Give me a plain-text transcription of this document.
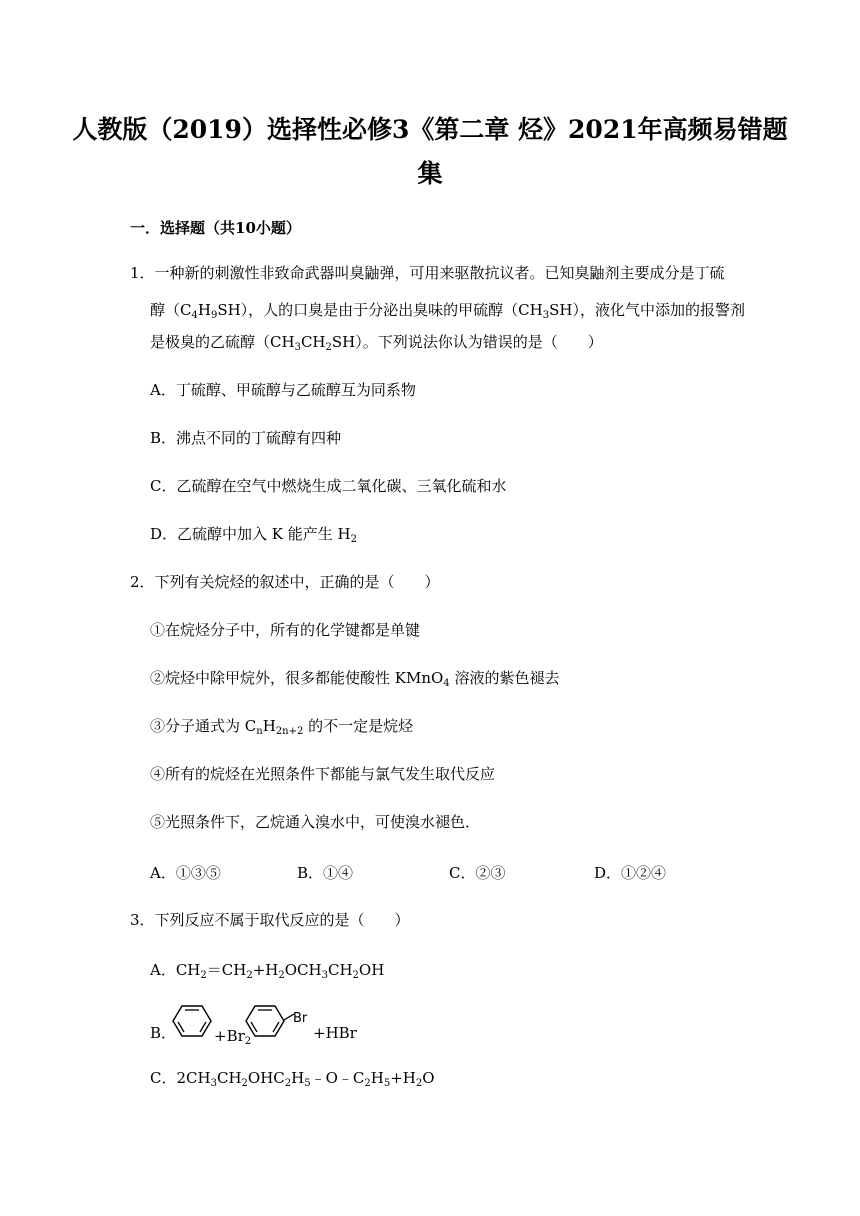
人教版（2019）选择性必修3《第二章 烃》2021年高频易错题
集
一．选择题（共10小题）
1．一种新的刺激性非致命武器叫臭鼬弹，可用来驱散抗议者。已知臭鼬剂主要成分是丁硫
醇$(C_4H_9SH)$，人的口臭是由于分泌出臭味的甲硫醇$(CH_3SH)$，液化气中添加的报警剂
是极臭的乙硫醇$(CH_3CH_2SH)$。下列说法你认为错误的是（　　）
A．丁硫醇、甲硫醇与乙硫醇互为同系物
B．沸点不同的丁硫醇有四种
C．乙硫醇在空气中燃烧生成二氧化碳、三氧化硫和水
D．乙硫醇中加入 K 能产生 $H_2$
2．下列有关烷烃的叙述中，正确的是（　　）
①在烷烃分子中，所有的化学键都是单键
②烷烃中除甲烷外，很多都能使酸性 KMnO$_4$ 溶液的紫色褪去
③分子通式为 $C_nH_{2n+2}$ 的不一定是烷烃
④所有的烷烃在光照条件下都能与氯气发生取代反应
⑤光照条件下，乙烷通入溴水中，可使溴水褪色．
A．①③⑤	B．①④	C．②③	D．①②④
3．下列反应不属于取代反应的是（　　）
A．$CH_2=CH_2+H_2OCH_3CH_2OH$
B．	$+Br_2$
Br
+HBr
C．$2CH_3CH_2OHC_2H_5﹣O﹣C_2H_5+H_2O$
